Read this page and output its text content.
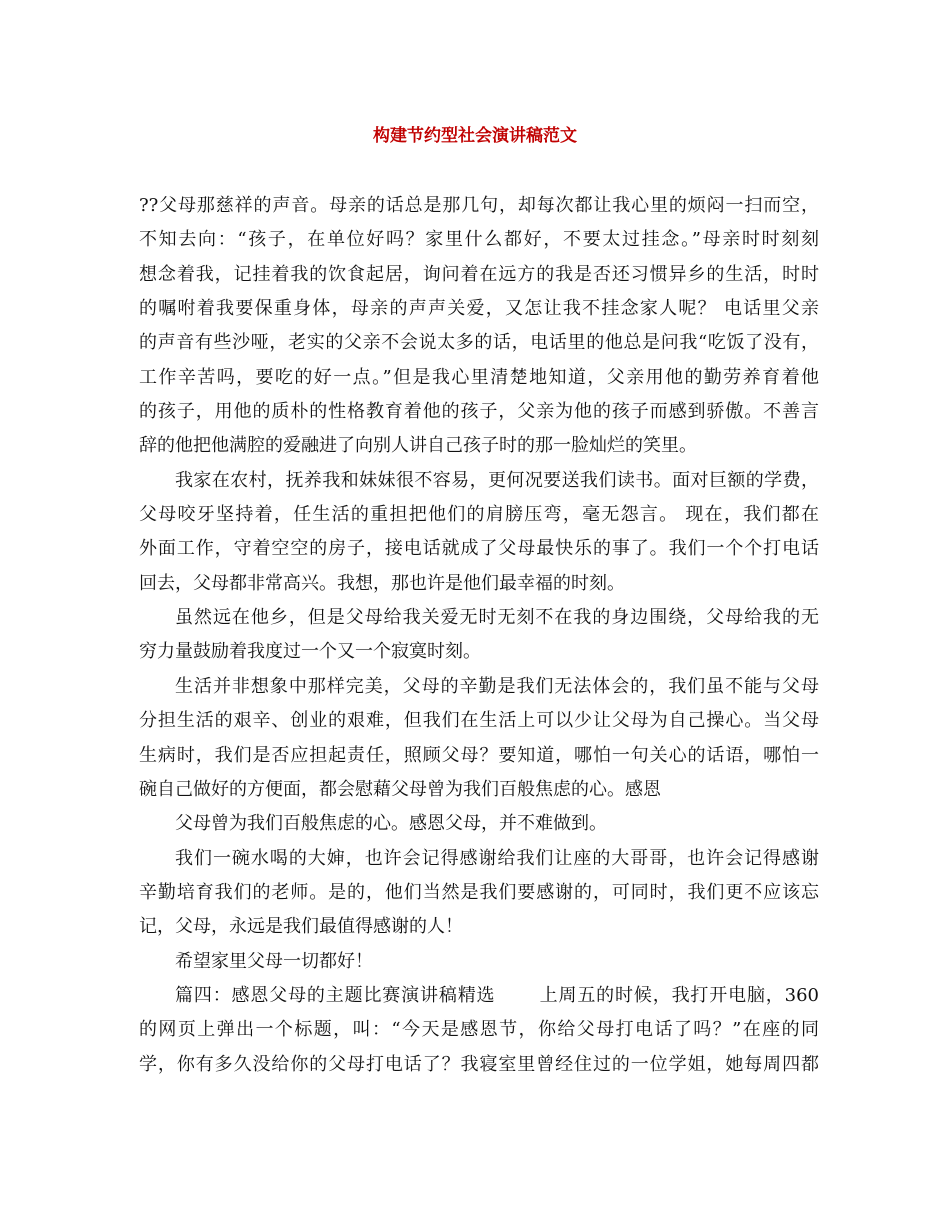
构建节约型社会演讲稿范文
??父母那慈祥的声音。母亲的话总是那几句，却每次都让我心里的烦闷一扫而空，
不知去向：“孩子，在单位好吗？家里什么都好，不要太过挂念。”母亲时时刻刻
想念着我，记挂着我的饮食起居，询问着在远方的我是否还习惯异乡的生活，时时
的嘱咐着我要保重身体，母亲的声声关爱，又怎让我不挂念家人呢？ 电话里父亲
的声音有些沙哑，老实的父亲不会说太多的话，电话里的他总是问我“吃饭了没有，
工作辛苦吗，要吃的好一点。”但是我心里清楚地知道，父亲用他的勤劳养育着他
的孩子，用他的质朴的性格教育着他的孩子，父亲为他的孩子而感到骄傲。不善言
辞的他把他满腔的爱融进了向别人讲自己孩子时的那一脸灿烂的笑里。
我家在农村，抚养我和妹妹很不容易，更何况要送我们读书。面对巨额的学费，
父母咬牙坚持着，任生活的重担把他们的肩膀压弯，毫无怨言。 现在，我们都在
外面工作，守着空空的房子，接电话就成了父母最快乐的事了。我们一个个打电话
回去，父母都非常高兴。我想，那也许是他们最幸福的时刻。
虽然远在他乡，但是父母给我关爱无时无刻不在我的身边围绕，父母给我的无
穷力量鼓励着我度过一个又一个寂寞时刻。
生活并非想象中那样完美，父母的辛勤是我们无法体会的，我们虽不能与父母
分担生活的艰辛、创业的艰难，但我们在生活上可以少让父母为自己操心。当父母
生病时，我们是否应担起责任，照顾父母？要知道，哪怕一句关心的话语，哪怕一
碗自己做好的方便面，都会慰藉父母曾为我们百般焦虑的心。感恩
父母曾为我们百般焦虑的心。感恩父母，并不难做到。
我们一碗水喝的大婶，也许会记得感谢给我们让座的大哥哥，也许会记得感谢
辛勤培育我们的老师。是的，他们当然是我们要感谢的，可同时，我们更不应该忘
记，父母，永远是我们最值得感谢的人！
希望家里父母一切都好！
篇四：感恩父母的主题比赛演讲稿精选 　　上周五的时候，我打开电脑，360
的网页上弹出一个标题，叫：“今天是感恩节，你给父母打电话了吗？”在座的同
学，你有多久没给你的父母打电话了？我寝室里曾经住过的一位学姐，她每周四都
